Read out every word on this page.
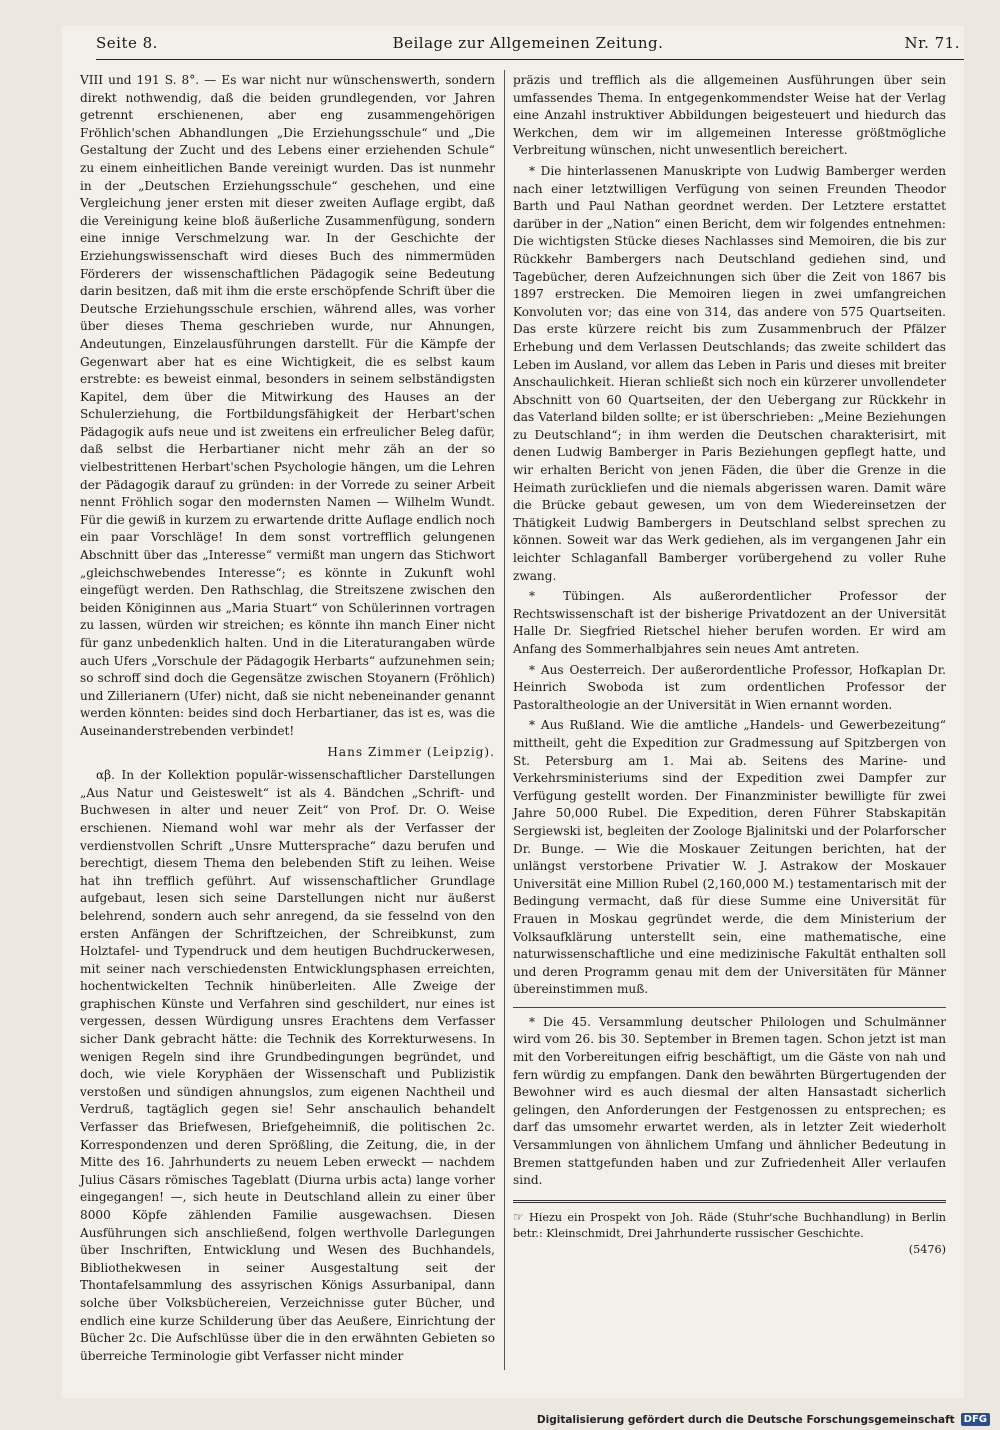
Seite 8.	Beilage zur Allgemeinen Zeitung.	Nr. 71.

VIII und 191 S. 8°. — Es war nicht nur wünschenswerth, sondern direkt nothwendig, daß die beiden grundlegenden, vor Jahren getrennt erschienenen, aber eng zusammengehörigen Fröhlich'schen Abhandlungen „Die Erziehungsschule“ und „Die Gestaltung der Zucht und des Lebens einer erziehenden Schule“ zu einem einheitlichen Bande vereinigt wurden. Das ist nunmehr in der „Deutschen Erziehungsschule“ geschehen, und eine Vergleichung jener ersten mit dieser zweiten Auflage ergibt, daß die Vereinigung keine bloß äußerliche Zusammenfügung, sondern eine innige Verschmelzung war. In der Geschichte der Erziehungswissenschaft wird dieses Buch des nimmermüden Förderers der wissenschaftlichen Pädagogik seine Bedeutung darin besitzen, daß mit ihm die erste erschöpfende Schrift über die Deutsche Erziehungsschule erschien, während alles, was vorher über dieses Thema geschrieben wurde, nur Ahnungen, Andeutungen, Einzelausführungen darstellt. Für die Kämpfe der Gegenwart aber hat es eine Wichtigkeit, die es selbst kaum erstrebte: es beweist einmal, besonders in seinem selbständigsten Kapitel, dem über die Mitwirkung des Hauses an der Schulerziehung, die Fortbildungsfähigkeit der Herbart'schen Pädagogik aufs neue und ist zweitens ein erfreulicher Beleg dafür, daß selbst die Herbartianer nicht mehr zäh an der so vielbestrittenen Herbart'schen Psychologie hängen, um die Lehren der Pädagogik darauf zu gründen: in der Vorrede zu seiner Arbeit nennt Fröhlich sogar den modernsten Namen — Wilhelm Wundt. Für die gewiß in kurzem zu erwartende dritte Auflage endlich noch ein paar Vorschläge! In dem sonst vortrefflich gelungenen Abschnitt über das „Interesse“ vermißt man ungern das Stichwort „gleichschwebendes Interesse“; es könnte in Zukunft wohl eingefügt werden. Den Rathschlag, die Streitszene zwischen den beiden Königinnen aus „Maria Stuart“ von Schülerinnen vortragen zu lassen, würden wir streichen; es könnte ihn manch Einer nicht für ganz unbedenklich halten. Und in die Literaturangaben würde auch Ufers „Vorschule der Pädagogik Herbarts“ aufzunehmen sein; so schroff sind doch die Gegensätze zwischen Stoyanern (Fröhlich) und Zillerianern (Ufer) nicht, daß sie nicht nebeneinander genannt werden könnten: beides sind doch Herbartianer, das ist es, was die Auseinanderstrebenden verbindet!

Hans Zimmer (Leipzig).

αβ. In der Kollektion populär-wissenschaftlicher Darstellungen „Aus Natur und Geisteswelt“ ist als 4. Bändchen „Schrift- und Buchwesen in alter und neuer Zeit“ von Prof. Dr. O. Weise erschienen. Niemand wohl war mehr als der Verfasser der verdienstvollen Schrift „Unsre Muttersprache“ dazu berufen und berechtigt, diesem Thema den belebenden Stift zu leihen. Weise hat ihn trefflich geführt. Auf wissenschaftlicher Grundlage aufgebaut, lesen sich seine Darstellungen nicht nur äußerst belehrend, sondern auch sehr anregend, da sie fesselnd von den ersten Anfängen der Schriftzeichen, der Schreibkunst, zum Holztafel- und Typendruck und dem heutigen Buchdruckerwesen, mit seiner nach verschiedensten Entwicklungsphasen erreichten, hochentwickelten Technik hinüberleiten. Alle Zweige der graphischen Künste und Verfahren sind geschildert, nur eines ist vergessen, dessen Würdigung unsres Erachtens dem Verfasser sicher Dank gebracht hätte: die Technik des Korrekturwesens. In wenigen Regeln sind ihre Grundbedingungen begründet, und doch, wie viele Koryphäen der Wissenschaft und Publizistik verstoßen und sündigen ahnungslos, zum eigenen Nachtheil und Verdruß, tagtäglich gegen sie! Sehr anschaulich behandelt Verfasser das Briefwesen, Briefgeheimniß, die politischen 2c. Korrespondenzen und deren Sprößling, die Zeitung, die, in der Mitte des 16. Jahrhunderts zu neuem Leben erweckt — nachdem Julius Cäsars römisches Tageblatt (Diurna urbis acta) lange vorher eingegangen! —, sich heute in Deutschland allein zu einer über 8000 Köpfe zählenden Familie ausgewachsen. Diesen Ausführungen sich anschließend, folgen werthvolle Darlegungen über Inschriften, Entwicklung und Wesen des Buchhandels, Bibliothekwesen in seiner Ausgestaltung seit der Thontafelsammlung des assyrischen Königs Assurbanipal, dann solche über Volksbüchereien, Verzeichnisse guter Bücher, und endlich eine kurze Schilderung über das Aeußere, Einrichtung der Bücher 2c. Die Aufschlüsse über die in den erwähnten Gebieten so überreiche Terminologie gibt Verfasser nicht minder

präzis und trefflich als die allgemeinen Ausführungen über sein umfassendes Thema. In entgegenkommendster Weise hat der Verlag eine Anzahl instruktiver Abbildungen beigesteuert und hiedurch das Werkchen, dem wir im allgemeinen Interesse größtmögliche Verbreitung wünschen, nicht unwesentlich bereichert.

* Die hinterlassenen Manuskripte von Ludwig Bamberger werden nach einer letztwilligen Verfügung von seinen Freunden Theodor Barth und Paul Nathan geordnet werden. Der Letztere erstattet darüber in der „Nation“ einen Bericht, dem wir folgendes entnehmen: Die wichtigsten Stücke dieses Nachlasses sind Memoiren, die bis zur Rückkehr Bambergers nach Deutschland gediehen sind, und Tagebücher, deren Aufzeichnungen sich über die Zeit von 1867 bis 1897 erstrecken. Die Memoiren liegen in zwei umfangreichen Konvoluten vor; das eine von 314, das andere von 575 Quartseiten. Das erste kürzere reicht bis zum Zusammenbruch der Pfälzer Erhebung und dem Verlassen Deutschlands; das zweite schildert das Leben im Ausland, vor allem das Leben in Paris und dieses mit breiter Anschaulichkeit. Hieran schließt sich noch ein kürzerer unvollendeter Abschnitt von 60 Quartseiten, der den Uebergang zur Rückkehr in das Vaterland bilden sollte; er ist überschrieben: „Meine Beziehungen zu Deutschland“; in ihm werden die Deutschen charakterisirt, mit denen Ludwig Bamberger in Paris Beziehungen gepflegt hatte, und wir erhalten Bericht von jenen Fäden, die über die Grenze in die Heimath zurückliefen und die niemals abgerissen waren. Damit wäre die Brücke gebaut gewesen, um von dem Wiedereinsetzen der Thätigkeit Ludwig Bambergers in Deutschland selbst sprechen zu können. Soweit war das Werk gediehen, als im vergangenen Jahr ein leichter Schlaganfall Bamberger vorübergehend zu voller Ruhe zwang.

* Tübingen. Als außerordentlicher Professor der Rechtswissenschaft ist der bisherige Privatdozent an der Universität Halle Dr. Siegfried Rietschel hieher berufen worden. Er wird am Anfang des Sommerhalbjahres sein neues Amt antreten.

* Aus Oesterreich. Der außerordentliche Professor, Hofkaplan Dr. Heinrich Swoboda ist zum ordentlichen Professor der Pastoraltheologie an der Universität in Wien ernannt worden.

* Aus Rußland. Wie die amtliche „Handels- und Gewerbezeitung“ mittheilt, geht die Expedition zur Gradmessung auf Spitzbergen von St. Petersburg am 1. Mai ab. Seitens des Marine- und Verkehrsministeriums sind der Expedition zwei Dampfer zur Verfügung gestellt worden. Der Finanzminister bewilligte für zwei Jahre 50,000 Rubel. Die Expedition, deren Führer Stabskapitän Sergiewski ist, begleiten der Zoologe Bjalinitski und der Polarforscher Dr. Bunge. — Wie die Moskauer Zeitungen berichten, hat der unlängst verstorbene Privatier W. J. Astrakow der Moskauer Universität eine Million Rubel (2,160,000 M.) testamentarisch mit der Bedingung vermacht, daß für diese Summe eine Universität für Frauen in Moskau gegründet werde, die dem Ministerium der Volksaufklärung unterstellt sein, eine mathematische, eine naturwissenschaftliche und eine medizinische Fakultät enthalten soll und deren Programm genau mit dem der Universitäten für Männer übereinstimmen muß.

* Die 45. Versammlung deutscher Philologen und Schulmänner wird vom 26. bis 30. September in Bremen tagen. Schon jetzt ist man mit den Vorbereitungen eifrig beschäftigt, um die Gäste von nah und fern würdig zu empfangen. Dank den bewährten Bürgertugenden der Bewohner wird es auch diesmal der alten Hansastadt sicherlich gelingen, den Anforderungen der Festgenossen zu entsprechen; es darf das umsomehr erwartet werden, als in letzter Zeit wiederholt Versammlungen von ähnlichem Umfang und ähnlicher Bedeutung in Bremen stattgefunden haben und zur Zufriedenheit Aller verlaufen sind.

☞ Hiezu ein Prospekt von Joh. Räde (Stuhr'sche Buchhandlung) in Berlin betr.: Kleinschmidt, Drei Jahrhunderte russischer Geschichte.
(5476)
Digitalisierung gefördert durch die Deutsche Forschungsgemeinschaft DFG
